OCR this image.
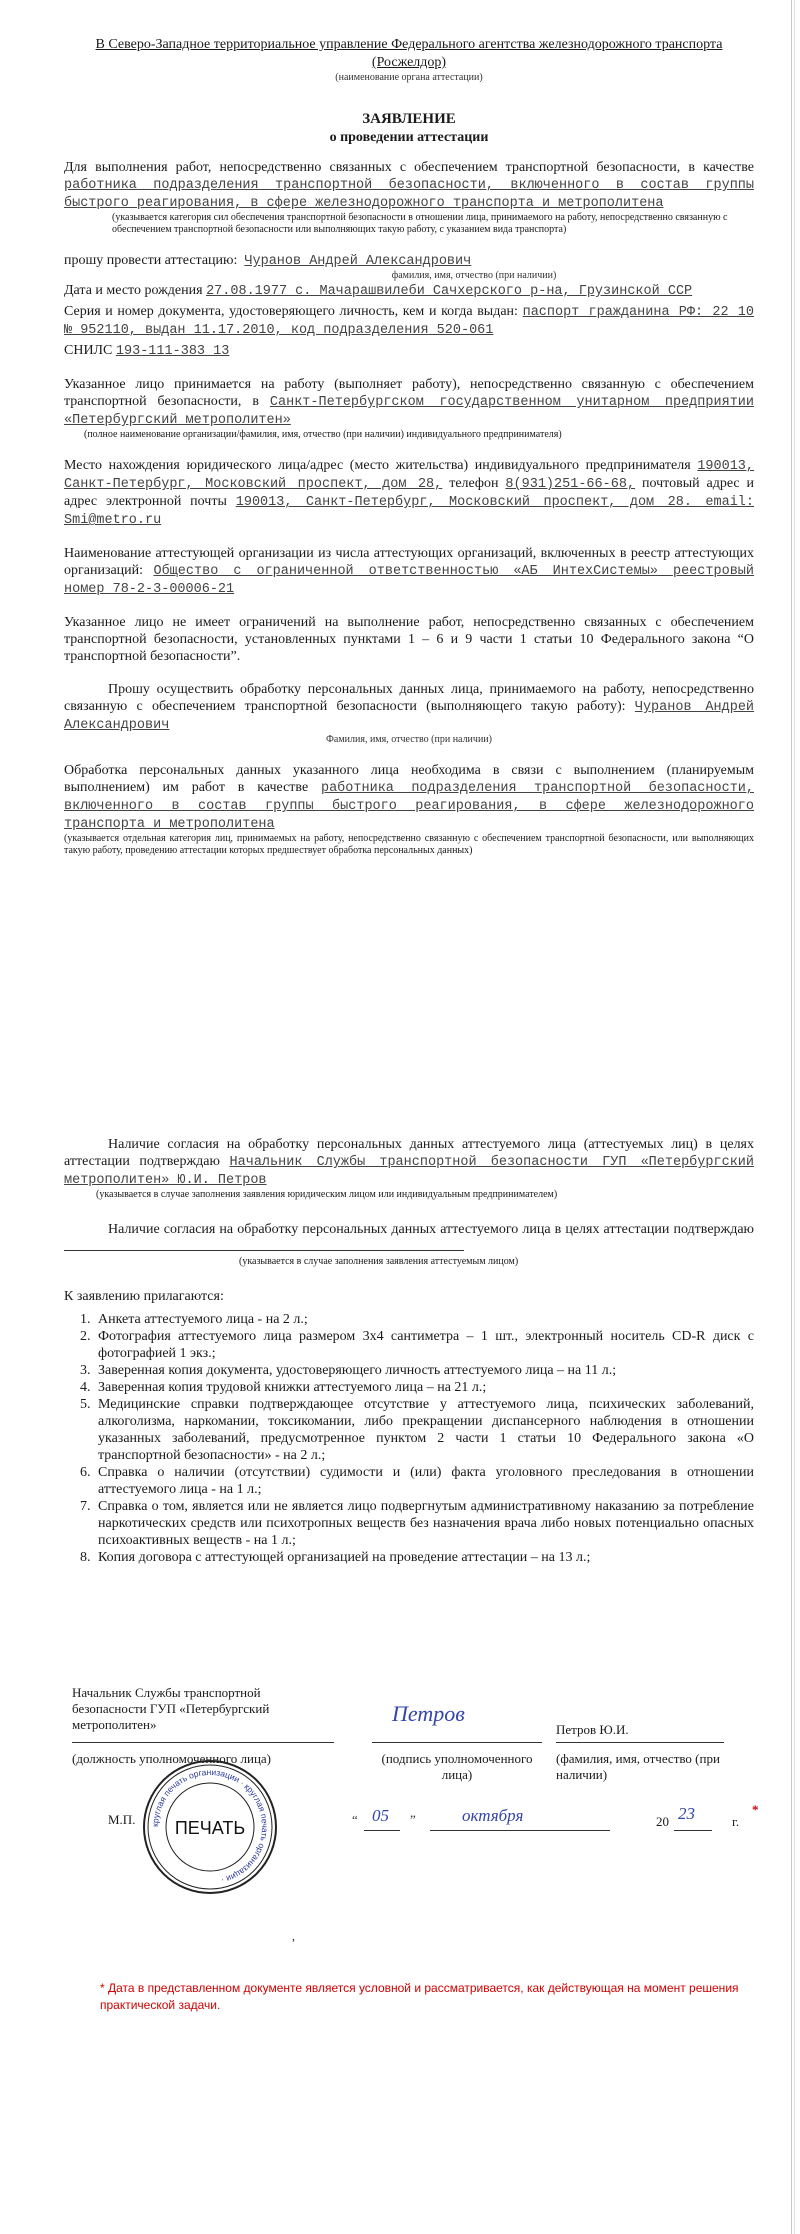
В Северо-Западное территориальное управление Федерального агентства железнодорожного транспорта (Росжелдор)
(наименование органа аттестации)
ЗАЯВЛЕНИЕ
о проведении аттестации

Для выполнения работ, непосредственно связанных с обеспечением транспортной безопасности, в качестве работника подразделения транспортной безопасности, включенного в состав группы быстрого реагирования, в сфере железнодорожного транспорта и метрополитена

(указывается категория сил обеспечения транспортной безопасности в отношении лица, принимаемого на работу, непосредственно связанную с обеспечением транспортной безопасности или выполняющих такую работу, с указанием вида транспорта)

прошу провести аттестацию: Чуранов Андрей Александрович

фамилия, имя, отчество (при наличии)

Дата и место рождения 27.08.1977 с. Мачарашвилеби Сачхерского р-на, Грузинской ССР

Серия и номер документа, удостоверяющего личность, кем и когда выдан: паспорт гражданина РФ: 22 10 № 952110, выдан 11.17.2010, код подразделения 520-061

СНИЛС 193-111-383 13

Указанное лицо принимается на работу (выполняет работу), непосредственно связанную с обеспечением транспортной безопасности, в Санкт-Петербургском государственном унитарном предприятии «Петербургский метрополитен»

(полное наименование организации/фамилия, имя, отчество (при наличии) индивидуального предпринимателя)

Место нахождения юридического лица/адрес (место жительства) индивидуального предпринимателя 190013, Санкт-Петербург, Московский проспект, дом 28, телефон 8(931)251-66-68, почтовый адрес и адрес электронной почты 190013, Санкт-Петербург, Московский проспект, дом 28. email: Smi@metro.ru

Наименование аттестующей организации из числа аттестующих организаций, включенных в реестр аттестующих организаций: Общество с ограниченной ответственностью «АБ ИнтехСистемы» реестровый номер 78-2-3-00006-21

Указанное лицо не имеет ограничений на выполнение работ, непосредственно связанных с обеспечением транспортной безопасности, установленных пунктами 1 – 6 и 9 части 1 статьи 10 Федерального закона “О транспортной безопасности”.

Прошу осуществить обработку персональных данных лица, принимаемого на работу, непосредственно связанную с обеспечением транспортной безопасности (выполняющего такую работу): Чуранов Андрей Александрович

Фамилия, имя, отчество (при наличии)

Обработка персональных данных указанного лица необходима в связи с выполнением (планируемым выполнением) им работ в качестве работника подразделения транспортной безопасности, включенного в состав группы быстрого реагирования, в сфере железнодорожного транспорта и метрополитена

(указывается отдельная категория лиц, принимаемых на работу, непосредственно связанную с обеспечением транспортной безопасности, или выполняющих такую работу, проведению аттестации которых предшествует обработка персональных данных)

Наличие согласия на обработку персональных данных аттестуемого лица (аттестуемых лиц) в целях аттестации подтверждаю Начальник Службы транспортной безопасности ГУП «Петербургский метрополитен» Ю.И. Петров

(указывается в случае заполнения заявления юридическим лицом или индивидуальным предпринимателем)

Наличие согласия на обработку персональных данных аттестуемого лица в целях аттестации подтверждаю

(указывается в случае заполнения заявления аттестуемым лицом)
К заявлению прилагаются:
1. Анкета аттестуемого лица - на 2 л.;
2. Фотография аттестуемого лица размером 3х4 сантиметра – 1 шт., электронный носитель CD-R диск с фотографией 1 экз.;
3. Заверенная копия документа, удостоверяющего личность аттестуемого лица – на 11 л.;
4. Заверенная копия трудовой книжки аттестуемого лица – на 21 л.;
5. Медицинские справки подтверждающее отсутствие у аттестуемого лица, психических заболеваний, алкоголизма, наркомании, токсикомании, либо прекращении диспансерного наблюдения в отношении указанных заболеваний, предусмотренное пунктом 2 части 1 статьи 10 Федерального закона «О транспортной безопасности» - на 2 л.;
6. Справка о наличии (отсутствии) судимости и (или) факта уголовного преследования в отношении аттестуемого лица - на 1 л.;
7. Справка о том, является или не является лицо подвергнутым административному наказанию за потребление наркотических средств или психотропных веществ без назначения врача либо новых потенциально опасных психоактивных веществ - на 1 л.;
8. Копия договора с аттестующей организацией на проведение аттестации – на 13 л.;
Начальник Службы транспортной безопасности ГУП «Петербургский метрополитен»
(должность уполномоченного лица)
Петров
(подпись уполномоченного лица)
Петров Ю.И.
(фамилия, имя, отчество (при наличии)
М.П. круглая печать организации · круглая печать организации ·
ПЕЧАТЬ	“ 05 ”	октября	20 23	г.
*
,
* Дата в представленном документе является условной и рассматривается, как действующая на момент решения практической задачи.
